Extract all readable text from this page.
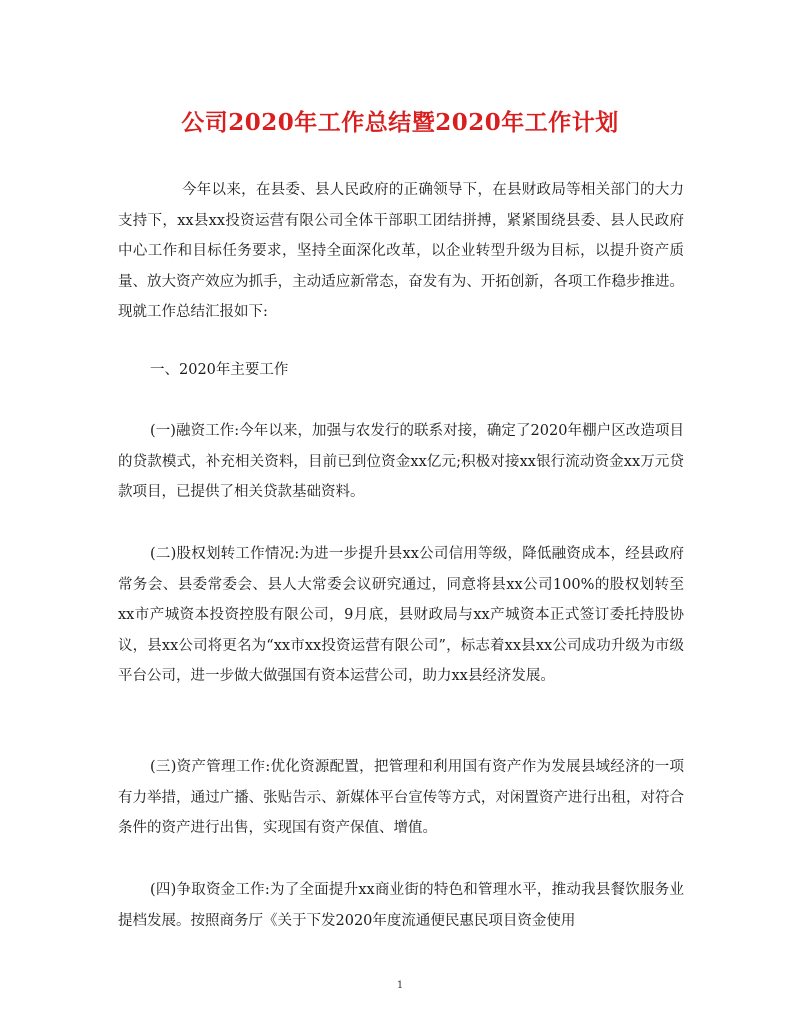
公司2020年工作总结暨2020年工作计划
今年以来，在县委、县人民政府的正确领导下，在县财政局等相关部门的大力支持下，xx县xx投资运营有限公司全体干部职工团结拼搏，紧紧围绕县委、县人民政府中心工作和目标任务要求，坚持全面深化改革，以企业转型升级为目标，以提升资产质量、放大资产效应为抓手，主动适应新常态，奋发有为、开拓创新，各项工作稳步推进。现就工作总结汇报如下:
一、2020年主要工作
(一)融资工作:今年以来，加强与农发行的联系对接，确定了2020年棚户区改造项目的贷款模式，补充相关资料，目前已到位资金xx亿元;积极对接xx银行流动资金xx万元贷款项目，已提供了相关贷款基础资料。
(二)股权划转工作情况:为进一步提升县xx公司信用等级，降低融资成本，经县政府常务会、县委常委会、县人大常委会议研究通过，同意将县xx公司100%的股权划转至xx市产城资本投资控股有限公司，9月底，县财政局与xx产城资本正式签订委托持股协议，县xx公司将更名为“xx市xx投资运营有限公司”，标志着xx县xx公司成功升级为市级平台公司，进一步做大做强国有资本运营公司，助力xx县经济发展。
(三)资产管理工作:优化资源配置，把管理和利用国有资产作为发展县域经济的一项有力举措，通过广播、张贴告示、新媒体平台宣传等方式，对闲置资产进行出租，对符合条件的资产进行出售，实现国有资产保值、增值。
(四)争取资金工作:为了全面提升xx商业街的特色和管理水平，推动我县餐饮服务业提档发展。按照商务厅《关于下发2020年度流通便民惠民项目资金使用
1
